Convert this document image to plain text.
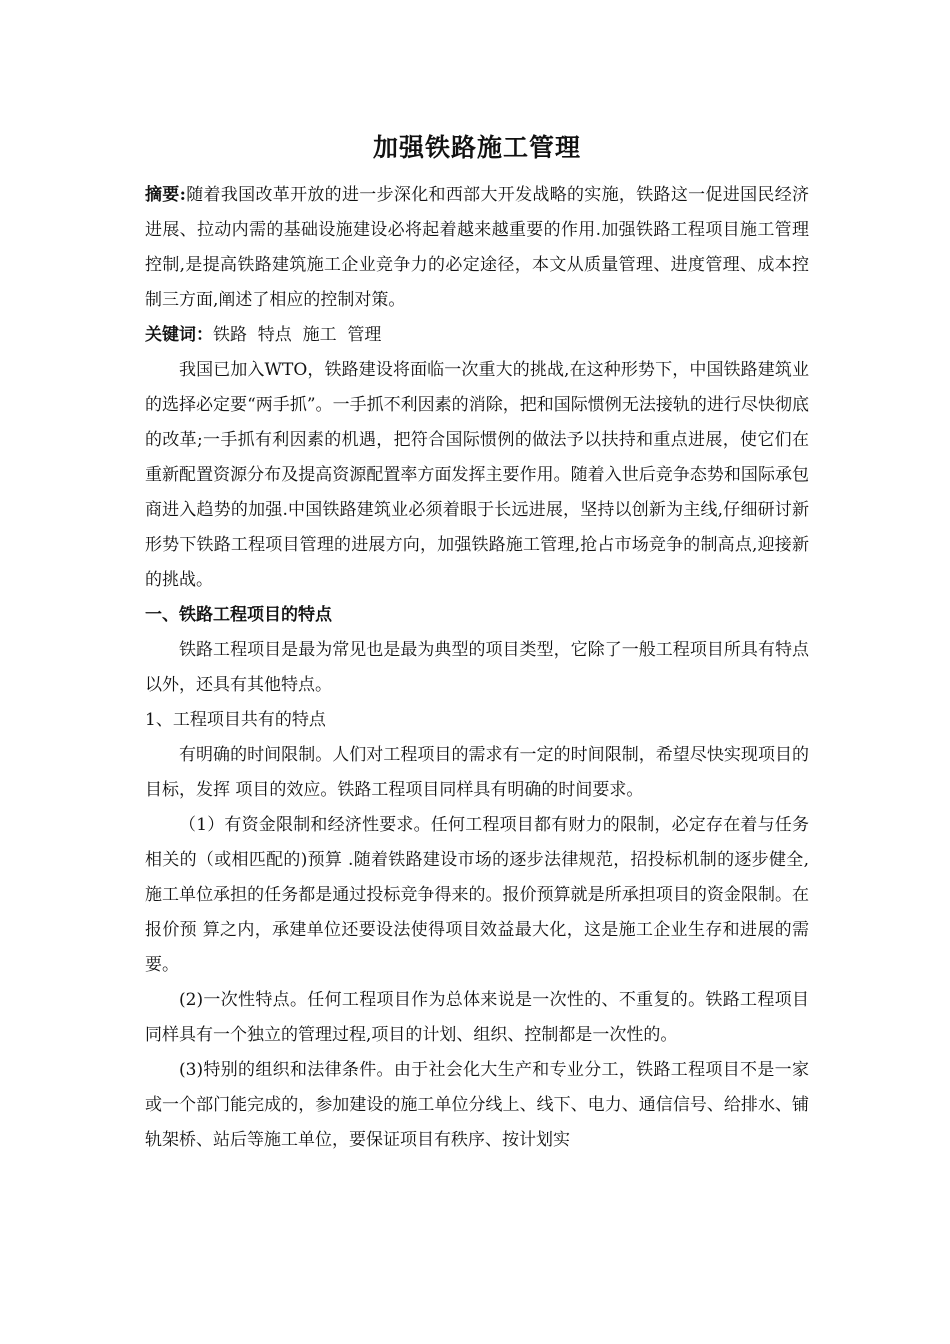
加强铁路施工管理

摘要:随着我国改革开放的进一步深化和西部大开发战略的实施，铁路这一促进国民经济进展、拉动内需的基础设施建设必将起着越来越重要的作用.加强铁路工程项目施工管理控制,是提高铁路建筑施工企业竞争力的必定途径，本文从质量管理、进度管理、成本控制三方面,阐述了相应的控制对策。

关键词：铁路  特点  施工  管理

我国已加入WTO，铁路建设将面临一次重大的挑战,在这种形势下，中国铁路建筑业的选择必定要“两手抓”。一手抓不利因素的消除，把和国际惯例无法接轨的进行尽快彻底的改革;一手抓有利因素的机遇，把符合国际惯例的做法予以扶持和重点进展，使它们在重新配置资源分布及提高资源配置率方面发挥主要作用。随着入世后竞争态势和国际承包商进入趋势的加强.中国铁路建筑业必须着眼于长远进展，坚持以创新为主线,仔细研讨新形势下铁路工程项目管理的进展方向，加强铁路施工管理,抢占市场竞争的制高点,迎接新的挑战。

一、铁路工程项目的特点

铁路工程项目是最为常见也是最为典型的项目类型，它除了一般工程项目所具有特点以外，还具有其他特点。

1、工程项目共有的特点

有明确的时间限制。人们对工程项目的需求有一定的时间限制，希望尽快实现项目的目标，发挥 项目的效应。铁路工程项目同样具有明确的时间要求。

（1）有资金限制和经济性要求。任何工程项目都有财力的限制，必定存在着与任务相关的（或相匹配的)预算 .随着铁路建设市场的逐步法律规范，招投标机制的逐步健全,施工单位承担的任务都是通过投标竞争得来的。报价预算就是所承担项目的资金限制。在报价预 算之内，承建单位还要设法使得项目效益最大化，这是施工企业生存和进展的需要。

(2)一次性特点。任何工程项目作为总体来说是一次性的、不重复的。铁路工程项目同样具有一个独立的管理过程,项目的计划、组织、控制都是一次性的。

(3)特别的组织和法律条件。由于社会化大生产和专业分工，铁路工程项目不是一家或一个部门能完成的，参加建设的施工单位分线上、线下、电力、通信信号、给排水、铺轨架桥、站后等施工单位，要保证项目有秩序、按计划实
